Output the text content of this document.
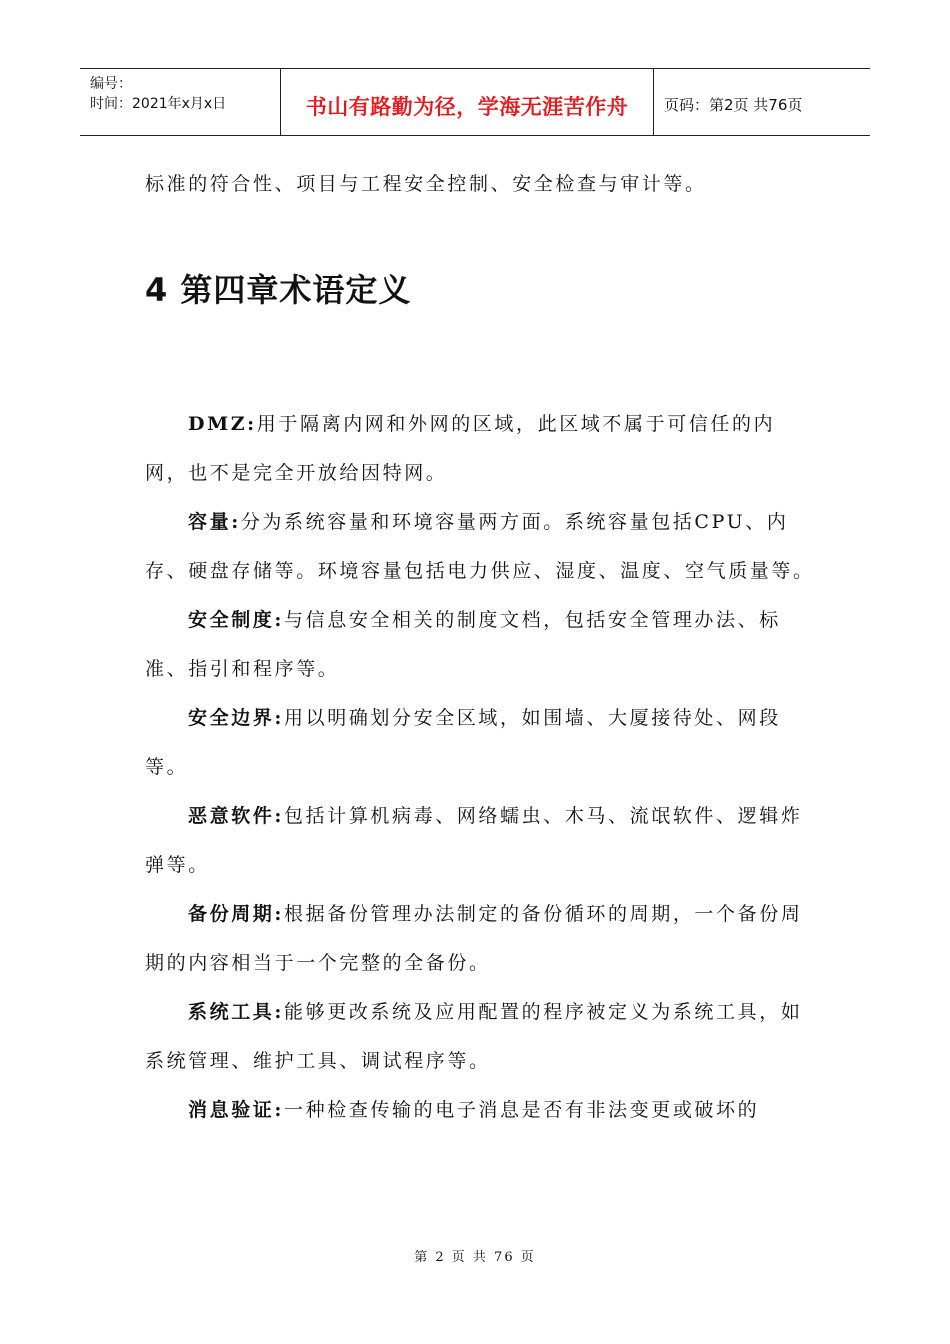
编号：
时间：2021年x月x日	书山有路勤为径，学海无涯苦作舟	页码：第2页 共76页

标准的符合性、项目与工程安全控制、安全检查与审计等。

4 第四章术语定义

DMZ:用于隔离内网和外网的区域，此区域不属于可信任的内网，也不是完全开放给因特网。

容量:分为系统容量和环境容量两方面。系统容量包括CPU、内存、硬盘存储等。环境容量包括电力供应、湿度、温度、空气质量等。

安全制度:与信息安全相关的制度文档，包括安全管理办法、标准、指引和程序等。

安全边界:用以明确划分安全区域，如围墙、大厦接待处、网段等。

恶意软件:包括计算机病毒、网络蠕虫、木马、流氓软件、逻辑炸弹等。

备份周期:根据备份管理办法制定的备份循环的周期，一个备份周期的内容相当于一个完整的全备份。

系统工具:能够更改系统及应用配置的程序被定义为系统工具，如系统管理、维护工具、调试程序等。

消息验证:一种检查传输的电子消息是否有非法变更或破坏的

第 2 页 共 76 页
